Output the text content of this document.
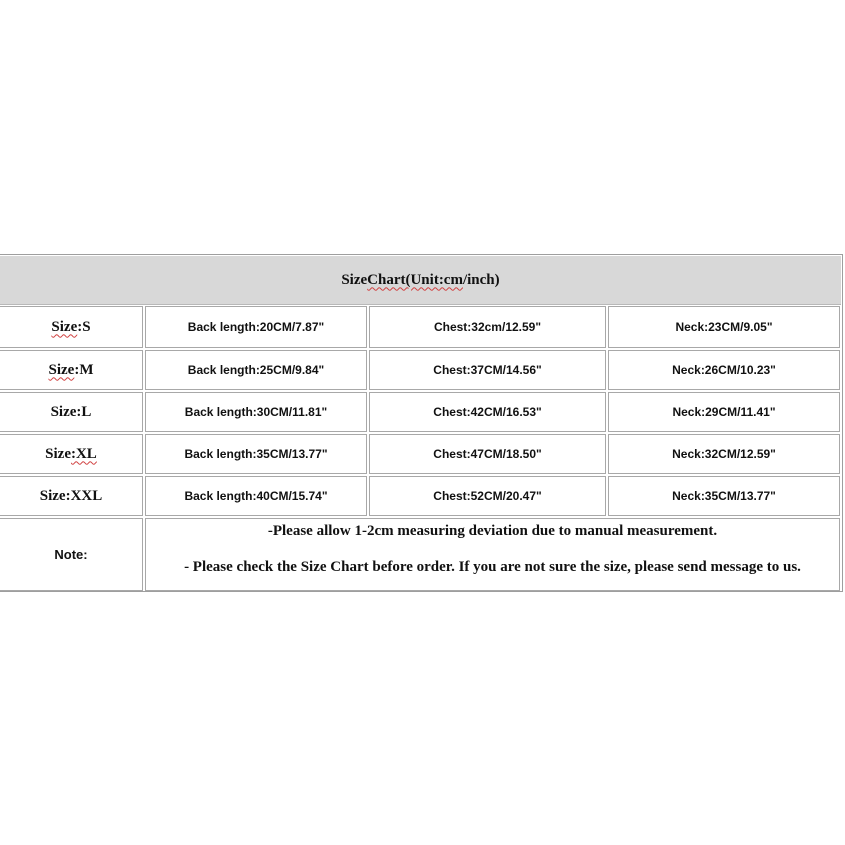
Size Chart(Unit:cm /inch)
Size :S	Back length:20CM/7.87"	Chest:32cm/12.59"	Neck:23CM/9.05"
Size :M	Back length:25CM/9.84"	Chest:37CM/14.56"	Neck:26CM/10.23"
Size :L	Back length:30CM/11.81"	Chest:42CM/16.53"	Neck:29CM/11.41"
Size :XL	Back length:35CM/13.77"	Chest:47CM/18.50"	Neck:32CM/12.59"
Size :XXL	Back length:40CM/15.74"	Chest:52CM/20.47"	Neck:35CM/13.77"
Note:
-Please allow 1-2cm measuring deviation due to manual measurement.
- Please check the Size Chart before order. If you are not sure the size, please send message to us.
